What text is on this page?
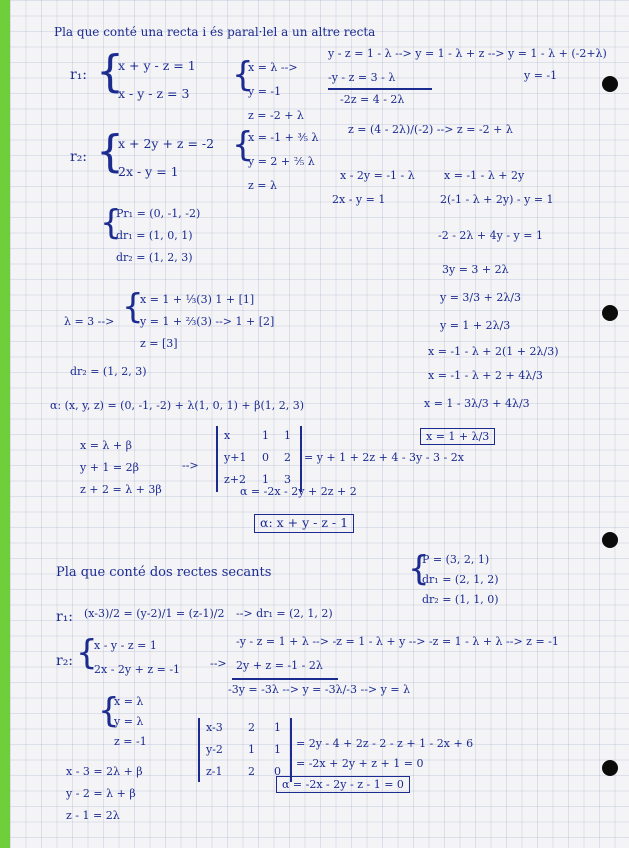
Pla que conté una recta i és paral·lel a un altre recta
r₁: {
x + y - z = 1
x - y - z = 3 {
x = λ -->
y = -1
z = -2 + λ
y - z = 1 - λ --> y = 1 - λ + z --> y = 1 - λ + (-2+λ)
-y - z = 3 - λ
-2z = 4 - 2λ
y = -1
r₂: {
x + 2y + z = -2
2x - y = 1
{
x = -1 + ⅗ λ
y = 2 + ⅖ λ
z = λ
z = (4 - 2λ)/(-2) --> z = -2 + λ
x - 2y = -1 - λ
2x - y = 1
x = -1 - λ + 2y
2(-1 - λ + 2y) - y = 1
{
Pr₁ = (0, -1, -2)
dr₁ = (1, 0, 1)
dr₂ = (1, 2, 3)
-2 - 2λ + 4y - y = 1
3y = 3 + 2λ
y = 3/3 + 2λ/3
y = 1 + 2λ/3
x = -1 - λ + 2(1 + 2λ/3)
x = -1 - λ + 2 + 4λ/3
x = 1 - 3λ/3 + 4λ/3
x = 1 + λ/3
λ = 3 --> {
x = 1 + ⅓(3) 1 + [1]
y = 1 + ⅔(3) --> 1 + [2]
z = [3]
dr₂ = (1, 2, 3)
α: (x, y, z) = (0, -1, -2) + λ(1, 0, 1) + β(1, 2, 3)
x = λ + β
y + 1 = 2β
z + 2 = λ + 3β
-->
x	1 1
y+1 0 2
z+2 1 3
= y + 1 + 2z + 4 - 3y - 3 - 2x
α = -2x - 2y + 2z + 2
α: x + y - z - 1
Pla que conté dos rectes secants	{
P = (3, 2, 1)
dr₁ = (2, 1, 2)
dr₂ = (1, 1, 0)
r₁: (x-3)/2 = (y-2)/1 = (z-1)/2 --> dr₁ = (2, 1, 2)
r₂: {
x - y - z = 1
2x - 2y + z = -1	-->
-y - z = 1 + λ --> -z = 1 - λ + y --> -z = 1 - λ + λ --> z = -1
2y + z = -1 - 2λ
-3y = -3λ --> y = -3λ/-3 --> y = λ
{
x = λ
y = λ
z = -1
x - 3 = 2λ + β
y - 2 = λ + β
z - 1 = 2λ
x-3 2 1
y-2 1 1
z-1 2 0
= 2y - 4 + 2z - 2 - z + 1 - 2x + 6
= -2x + 2y + z + 1 = 0
α = -2x - 2y - z - 1 = 0
